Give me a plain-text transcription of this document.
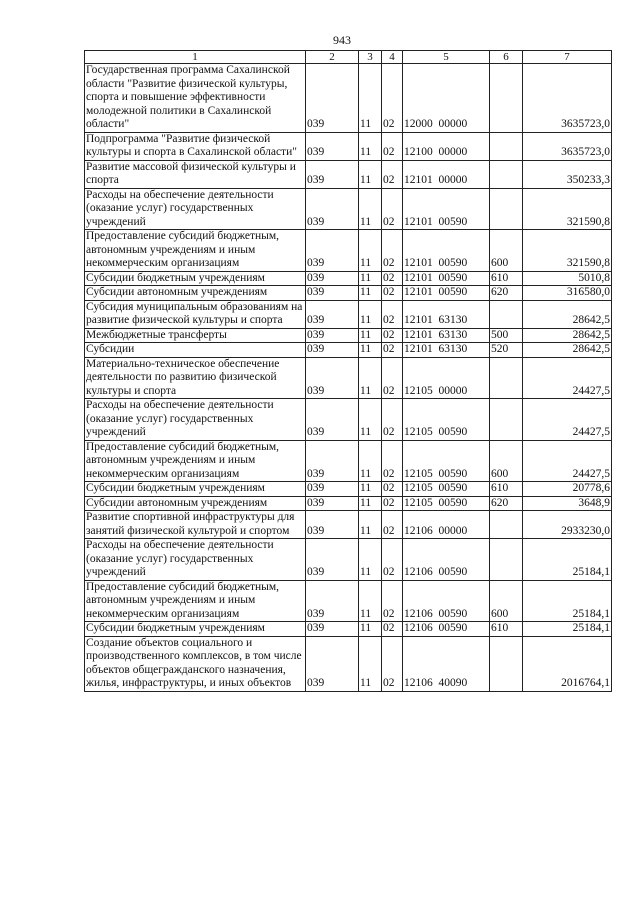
943
1	2	3	4	5	6	7
Государственная программа Сахалинской области "Развитие физической культуры, спорта и повышение эффективности молодежной политики в Сахалинской области"	039	11	02	12000  00000		3635723,0
Подпрограмма "Развитие физической культуры и спорта в Сахалинской области"	039	11	02	12100  00000		3635723,0
Развитие массовой физической культуры и спорта	039	11	02	12101  00000		350233,3
Расходы на обеспечение деятельности (оказание услуг) государственных учреждений	039	11	02	12101  00590		321590,8
Предоставление субсидий бюджетным, автономным учреждениям и иным некоммерческим организациям	039	11	02	12101  00590	600	321590,8
Субсидии бюджетным учреждениям	039	11	02	12101  00590	610	5010,8
Субсидии автономным учреждениям	039	11	02	12101  00590	620	316580,0
Субсидия муниципальным образованиям на развитие физической культуры и спорта	039	11	02	12101  63130		28642,5
Межбюджетные трансферты	039	11	02	12101  63130	500	28642,5
Субсидии	039	11	02	12101  63130	520	28642,5
Материально-техническое обеспечение деятельности по развитию физической культуры и спорта	039	11	02	12105  00000		24427,5
Расходы на обеспечение деятельности (оказание услуг) государственных учреждений	039	11	02	12105  00590		24427,5
Предоставление субсидий бюджетным, автономным учреждениям и иным некоммерческим организациям	039	11	02	12105  00590	600	24427,5
Субсидии бюджетным учреждениям	039	11	02	12105  00590	610	20778,6
Субсидии автономным учреждениям	039	11	02	12105  00590	620	3648,9
Развитие спортивной инфраструктуры для занятий физической культурой и спортом	039	11	02	12106  00000		2933230,0
Расходы на обеспечение деятельности (оказание услуг) государственных учреждений	039	11	02	12106  00590		25184,1
Предоставление субсидий бюджетным, автономным учреждениям и иным некоммерческим организациям	039	11	02	12106  00590	600	25184,1
Субсидии бюджетным учреждениям	039	11	02	12106  00590	610	25184,1
Создание объектов социального и производственного комплексов, в том числе объектов общегражданского назначения, жилья, инфраструктуры, и иных объектов	039	11	02	12106  40090		2016764,1
